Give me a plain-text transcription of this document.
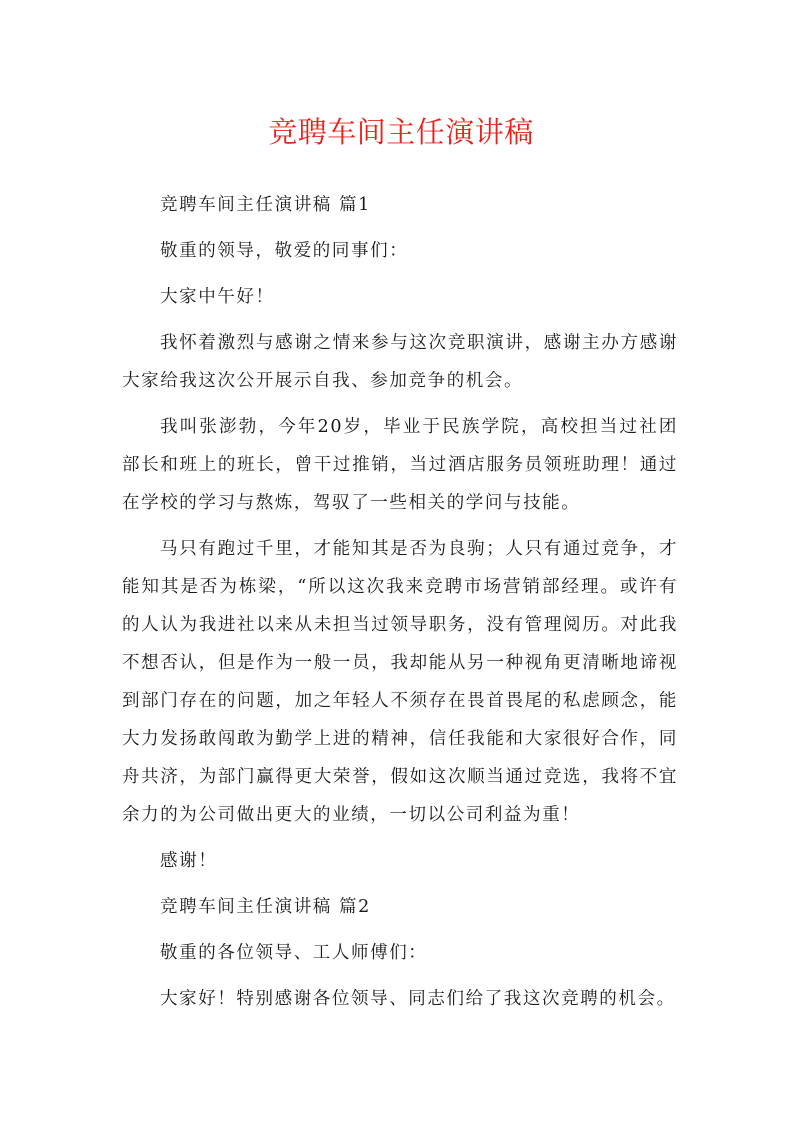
竞聘车间主任演讲稿

竞聘车间主任演讲稿 篇1

敬重的领导，敬爱的同事们：

大家中午好！

我怀着激烈与感谢之情来参与这次竞职演讲，感谢主办方感谢大家给我这次公开展示自我、参加竞争的机会。

我叫张澎勃，今年20岁，毕业于民族学院，高校担当过社团部长和班上的班长，曾干过推销，当过酒店服务员领班助理！通过在学校的学习与熬炼，驾驭了一些相关的学问与技能。

马只有跑过千里，才能知其是否为良驹；人只有通过竞争，才能知其是否为栋梁，“所以这次我来竞聘市场营销部经理。或许有的人认为我进社以来从未担当过领导职务，没有管理阅历。对此我不想否认，但是作为一般一员，我却能从另一种视角更清晰地谛视到部门存在的问题，加之年轻人不须存在畏首畏尾的私虑顾念，能大力发扬敢闯敢为勤学上进的精神，信任我能和大家很好合作，同舟共济，为部门赢得更大荣誉，假如这次顺当通过竞选，我将不宜余力的为公司做出更大的业绩，一切以公司利益为重！

感谢！

竞聘车间主任演讲稿 篇2

敬重的各位领导、工人师傅们：

大家好！特别感谢各位领导、同志们给了我这次竞聘的机会。
